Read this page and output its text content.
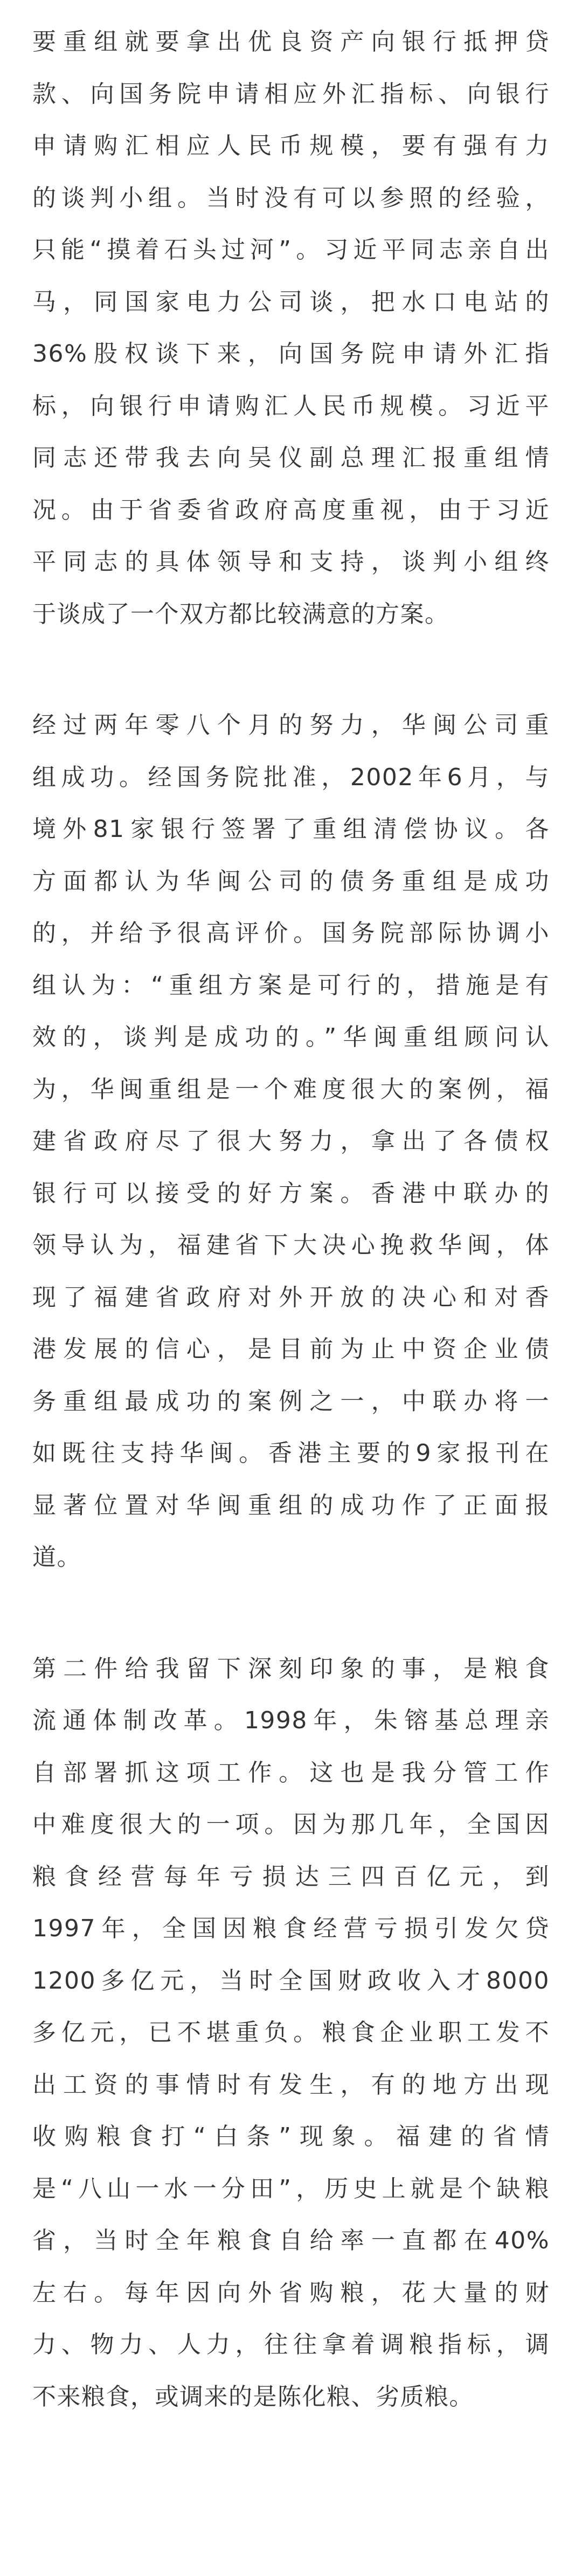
要重组就要拿出优良资产向银行抵押贷
款、向国务院申请相应外汇指标、向银行
申请购汇相应人民币规模，要有强有力
的谈判小组。当时没有可以参照的经验，
只能“摸着石头过河”。习近平同志亲自出
马，同国家电力公司谈，把水口电站的
36%股权谈下来，向国务院申请外汇指
标，向银行申请购汇人民币规模。习近平
同志还带我去向吴仪副总理汇报重组情
况。由于省委省政府高度重视，由于习近
平同志的具体领导和支持，谈判小组终
于谈成了一个双方都比较满意的方案。

经过两年零八个月的努力，华闽公司重
组成功。经国务院批准，2002年6月，与
境外81家银行签署了重组清偿协议。各
方面都认为华闽公司的债务重组是成功
的，并给予很高评价。国务院部际协调小
组认为：“重组方案是可行的，措施是有
效的，谈判是成功的。”华闽重组顾问认
为，华闽重组是一个难度很大的案例，福
建省政府尽了很大努力，拿出了各债权
银行可以接受的好方案。香港中联办的
领导认为，福建省下大决心挽救华闽，体
现了福建省政府对外开放的决心和对香
港发展的信心，是目前为止中资企业债
务重组最成功的案例之一，中联办将一
如既往支持华闽。香港主要的9家报刊在
显著位置对华闽重组的成功作了正面报
道。

第二件给我留下深刻印象的事，是粮食
流通体制改革。1998年，朱镕基总理亲
自部署抓这项工作。这也是我分管工作
中难度很大的一项。因为那几年，全国因
粮食经营每年亏损达三四百亿元，到
1997年，全国因粮食经营亏损引发欠贷
1200多亿元，当时全国财政收入才8000
多亿元，已不堪重负。粮食企业职工发不
出工资的事情时有发生，有的地方出现
收购粮食打“白条”现象。福建的省情
是“八山一水一分田”，历史上就是个缺粮
省，当时全年粮食自给率一直都在40%
左右。每年因向外省购粮，花大量的财
力、物力、人力，往往拿着调粮指标，调
不来粮食，或调来的是陈化粮、劣质粮。
